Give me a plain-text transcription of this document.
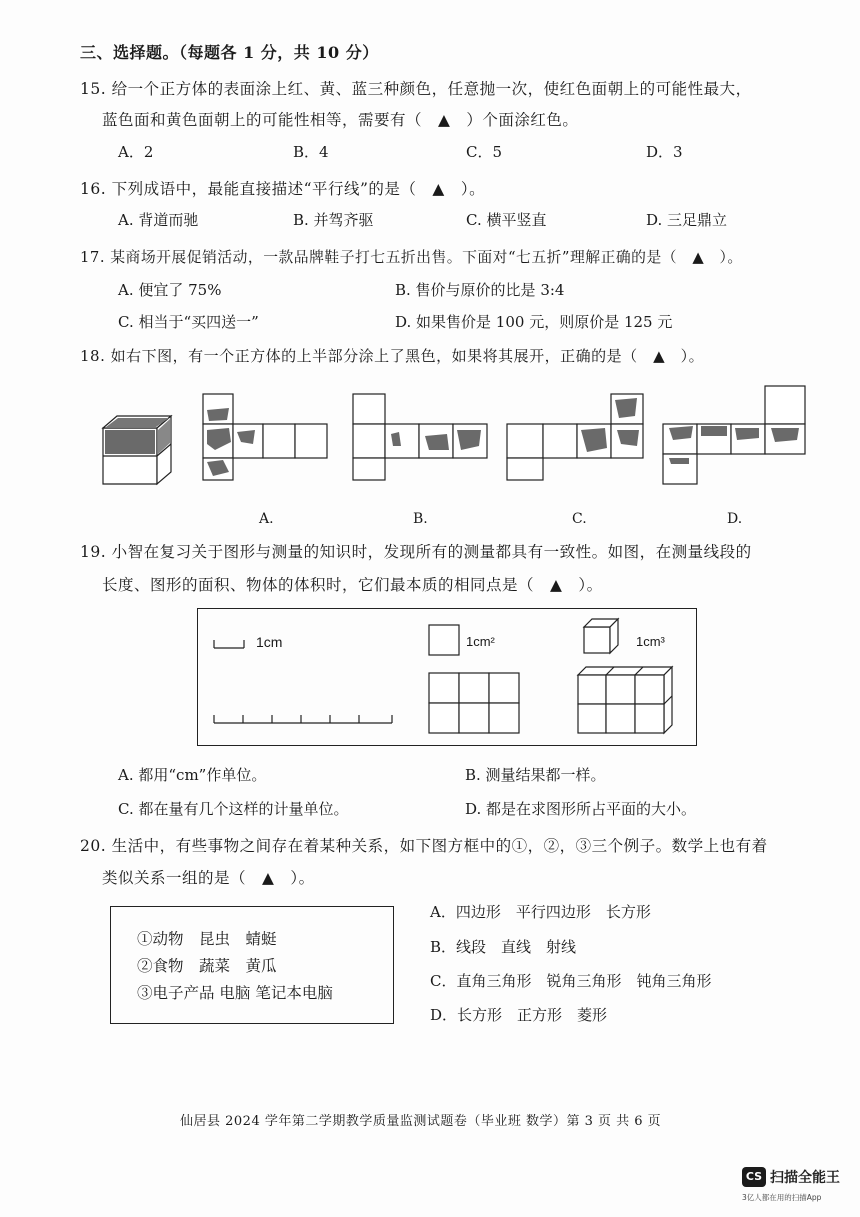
三、选择题。（每题各 1 分，共 10 分）
15. 给一个正方体的表面涂上红、黄、蓝三种颜色，任意抛一次，使红色面朝上的可能性最大，
蓝色面和黄色面朝上的可能性相等，需要有（　▲　）个面涂红色。
A．2	B．4	C．5	D．3
16. 下列成语中，最能直接描述“平行线”的是（　▲　）。
A. 背道而驰	B. 并驾齐驱	C. 横平竖直	D. 三足鼎立
17. 某商场开展促销活动，一款品牌鞋子打七五折出售。下面对“七五折”理解正确的是（　▲　）。
A. 便宜了 75%	B. 售价与原价的比是 3:4
C. 相当于“买四送一”	D. 如果售价是 100 元，则原价是 125 元
18. 如右下图，有一个正方体的上半部分涂上了黑色，如果将其展开，正确的是（　▲　）。
A.	B.	C.	D.
19. 小智在复习关于图形与测量的知识时，发现所有的测量都具有一致性。如图，在测量线段的
长度、图形的面积、物体的体积时，它们最本质的相同点是（　▲　）。
1cm	1cm²	1cm³
A. 都用“cm”作单位。	B. 测量结果都一样。
C. 都在量有几个这样的计量单位。	D. 都是在求图形所占平面的大小。
20. 生活中，有些事物之间存在着某种关系，如下图方框中的①，②，③三个例子。数学上也有着
类似关系一组的是（　▲　）。
①动物　昆虫　蜻蜓
②食物　蔬菜　黄瓜
③电子产品 电脑 笔记本电脑
A．四边形　平行四边形　长方形
B．线段　直线　射线
C．直角三角形　锐角三角形　钝角三角形
D．长方形　正方形　菱形
仙居县 2024 学年第二学期教学质量监测试题卷（毕业班 数学）第 3 页 共 6 页
CS 扫描全能王
3亿人都在用的扫描App
